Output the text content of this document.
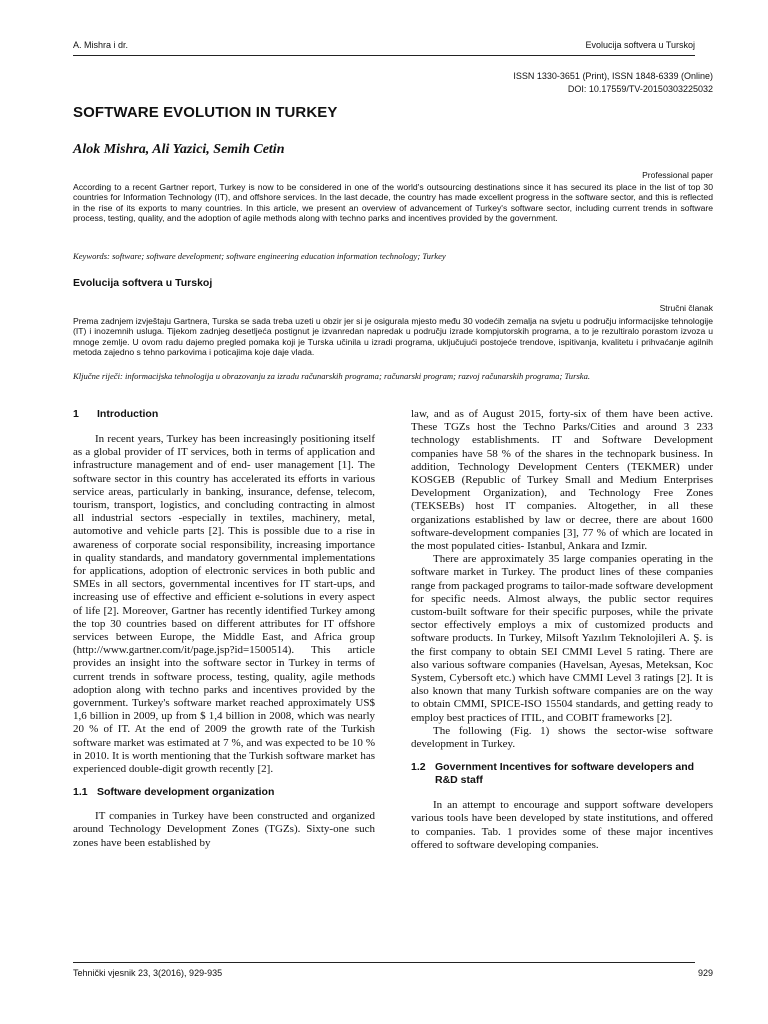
A. Mishra i dr.	Evolucija softvera u Turskoj
ISSN 1330-3651 (Print), ISSN 1848-6339 (Online)
DOI: 10.17559/TV-20150303225032
SOFTWARE EVOLUTION IN TURKEY
Alok Mishra, Ali Yazici, Semih Cetin
Professional paper
According to a recent Gartner report, Turkey is now to be considered in one of the world's outsourcing destinations since it has secured its place in the list of top 30 countries for Information Technology (IT), and offshore services. In the last decade, the country has made excellent progress in the software sector, and this is reflected in the rise of its exports to many countries. In this article, we present an overview of advancement of Turkey's software sector, including current trends in software process, testing, quality, and the adoption of agile methods along with techno parks and incentives provided by the government.
Keywords: software; software development; software engineering education information technology; Turkey
Evolucija softvera u Turskoj
Stručni članak
Prema zadnjem izvještaju Gartnera, Turska se sada treba uzeti u obzir jer si je osigurala mjesto među 30 vodećih zemalja na svjetu u području informacijske tehnologije (IT) i inozemnih usluga. Tijekom zadnjeg desetljeća postignut je izvanredan napredak u području izrade kompjutorskih programa, a to je rezultiralo porastom izvoza u mnoge zemlje. U ovom radu dajemo pregled pomaka koji je Turska učinila u izradi programa, uključujući postojeće trendove, ispitivanja, kvalitetu i prihvaćanje agilnih metoda zajedno s tehno parkovima i poticajima koje daje vlada.
Ključne riječi: informacijska tehnologija u obrazovanju za izradu računarskih programa; računarski program; razvoj računarskih programa; Turska.
1 Introduction

In recent years, Turkey has been increasingly positioning itself as a global provider of IT services, both in terms of application and infrastructure management and of end- user management [1]. The software sector in this country has accelerated its efforts in various service areas, particularly in banking, insurance, defense, telecom, tourism, transport, logistics, and concluding contracting in almost all industrial sectors -especially in textiles, machinery, metal, automotive and vehicle parts [2]. This is possible due to a rise in awareness of corporate social responsibility, increasing importance in quality standards, and mandatory governmental implementations for applications, adoption of electronic services in both public and SMEs in all sectors, governmental incentives for IT start-ups, and increasing use of effective and efficient e-solutions in every aspect of life [2]. Moreover, Gartner has recently identified Turkey among the top 30 countries based on different attributes for IT offshore services between Europe, the Middle East, and Africa group (http://www.gartner.com/it/page.jsp?id=1500514). This article provides an insight into the software sector in Turkey in terms of current trends in software process, testing, quality, agile methods adoption along with techno parks and incentives provided by the government. Turkey's software market reached approximately US$ 1,6 billion in 2009, up from $ 1,4 billion in 2008, which was nearly 20 % of IT. At the end of 2009 the growth rate of the Turkish software market was estimated at 7 %, and was expected to be 10 % in 2010. It is worth mentioning that the Turkish software market has experienced double-digit growth recently [2].

1.1 Software development organization

IT companies in Turkey have been constructed and organized around Technology Development Zones (TGZs). Sixty-one such zones have been established by

law, and as of August 2015, forty-six of them have been active. These TGZs host the Techno Parks/Cities and around 3 233 technology establishments. IT and Software Development companies have 58 % of the shares in the technopark business. In addition, Technology Development Centers (TEKMER) under KOSGEB (Republic of Turkey Small and Medium Enterprises Development Organization), and Technology Free Zones (TEKSEBs) host IT companies. Altogether, in all these organizations established by law or decree, there are about 1600 software-development companies [3], 77 % of which are located in the most populated cities- Istanbul, Ankara and Izmir.

There are approximately 35 large companies operating in the software market in Turkey. The product lines of these companies range from packaged programs to tailor-made software development for specific needs. Almost always, the public sector requires custom-built software for their specific purposes, while the private sector effectively employs a mix of customized products and software products. In Turkey, Milsoft Yazılım Teknolojileri A. Ş. is the first company to obtain SEI CMMI Level 5 rating. There are also various software companies (Havelsan, Ayesas, Meteksan, Koc System, Cybersoft etc.) which have CMMI Level 3 ratings [2]. It is also known that many Turkish software companies are on the way to obtain CMMI, SPICE-ISO 15504 standards, and getting ready to employ best practices of ITIL, and COBIT frameworks [2].

The following (Fig. 1) shows the sector-wise software development in Turkey.

1.2 Government Incentives for software developers and R&D staff

In an attempt to encourage and support software developers various tools have been developed by state institutions, and offered to companies. Tab. 1 provides some of these major incentives offered to software developing companies.

Tehnički vjesnik 23, 3(2016), 929-935	929
